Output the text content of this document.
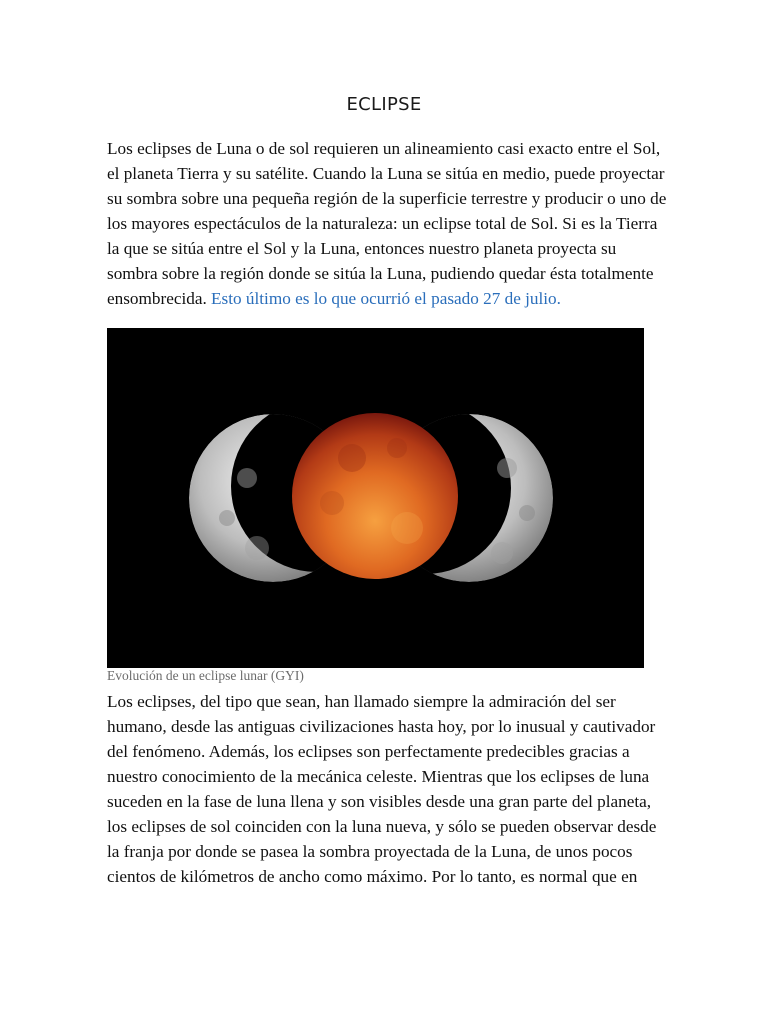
ECLIPSE

Los eclipses de Luna o de sol requieren un alineamiento casi exacto entre el Sol,
el planeta Tierra y su satélite. Cuando la Luna se sitúa en medio, puede proyectar
su sombra sobre una pequeña región de la superficie terrestre y producir o uno de
los mayores espectáculos de la naturaleza: un eclipse total de Sol. Si es la Tierra
la que se sitúa entre el Sol y la Luna, entonces nuestro planeta proyecta su
sombra sobre la región donde se sitúa la Luna, pudiendo quedar ésta totalmente
ensombrecida. Esto último es lo que ocurrió el pasado 27 de julio.

Evolución de un eclipse lunar (GYI)

Los eclipses, del tipo que sean, han llamado siempre la admiración del ser
humano, desde las antiguas civilizaciones hasta hoy, por lo inusual y cautivador
del fenómeno. Además, los eclipses son perfectamente predecibles gracias a
nuestro conocimiento de la mecánica celeste. Mientras que los eclipses de luna
suceden en la fase de luna llena y son visibles desde una gran parte del planeta,
los eclipses de sol coinciden con la luna nueva, y sólo se pueden observar desde
la franja por donde se pasea la sombra proyectada de la Luna, de unos pocos
cientos de kilómetros de ancho como máximo. Por lo tanto, es normal que en
